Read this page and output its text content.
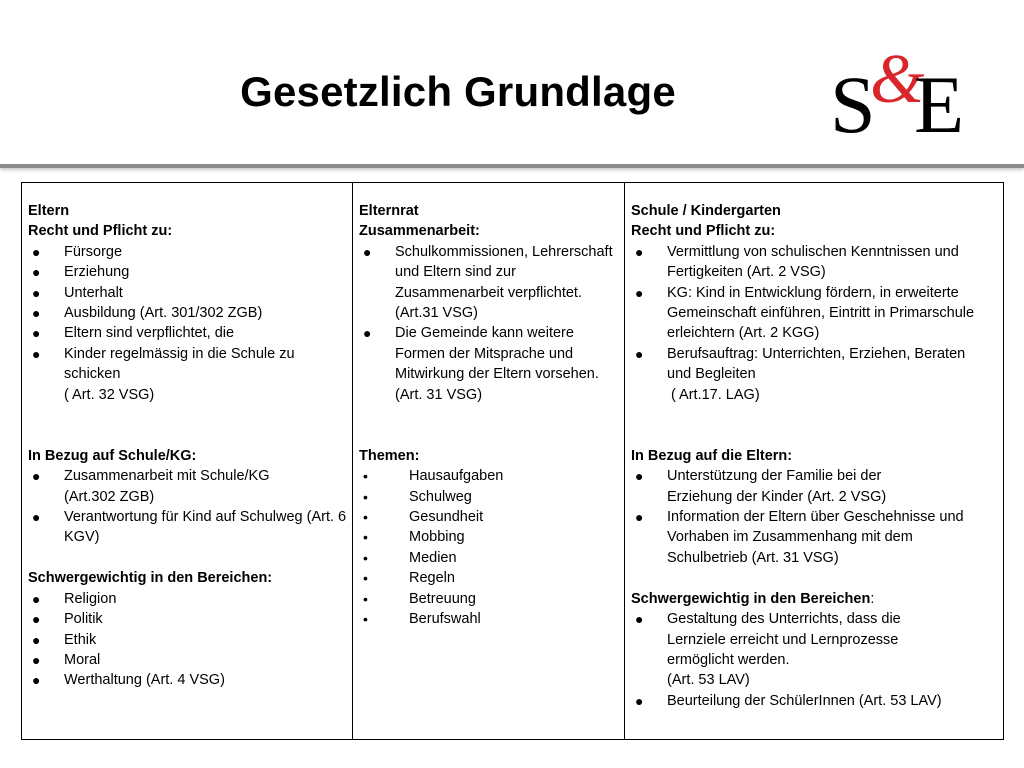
Gesetzlich Grundlage	S
&
E

Eltern

Recht und Pflicht zu:

● Fürsorge
● Erziehung
● Unterhalt
● Ausbildung (Art. 301/302 ZGB)
● Eltern sind verpflichtet, die
● Kinder regelmässig in die Schule zu schicken

( Art. 32 VSG)

In Bezug auf Schule/KG:

● Zusammenarbeit mit Schule/KG (Art.302 ZGB)
● Verantwortung für Kind auf Schulweg (Art. 6 KGV)

Schwergewichtig in den Bereichen:

● Religion
● Politik
● Ethik
● Moral
● Werthaltung (Art. 4 VSG)

Elternrat

Zusammenarbeit:

● Schulkommissionen, Lehrerschaft und Eltern sind zur Zusammenarbeit verpflichtet. (Art.31 VSG)
● Die Gemeinde kann weitere Formen der Mitsprache und Mitwirkung der Eltern vorsehen. (Art. 31 VSG)

Themen:

•	Hausaufgaben
•	Schulweg
•	Gesundheit
•	Mobbing
•	Medien
•	Regeln
•	Betreuung
•	Berufswahl

Schule / Kindergarten

Recht und Pflicht zu:

● Vermittlung von schulischen Kenntnissen und Fertigkeiten (Art. 2 VSG)
● KG: Kind in Entwicklung fördern, in erweiterte Gemeinschaft einführen, Eintritt in Primarschule erleichtern (Art. 2 KGG)
● Berufsauftrag: Unterrichten, Erziehen, Beraten und Begleiten

( Art.17. LAG)

In Bezug auf die Eltern:

● Unterstützung der Familie bei der Erziehung der Kinder (Art. 2 VSG)
● Information der Eltern über Geschehnisse und Vorhaben im Zusammenhang mit dem Schulbetrieb (Art. 31 VSG)

Schwergewichtig in den Bereichen:

● Gestaltung des Unterrichts, dass die Lernziele erreicht und Lernprozesse ermöglicht werden.
(Art. 53 LAV)
● Beurteilung der SchülerInnen (Art. 53 LAV)
